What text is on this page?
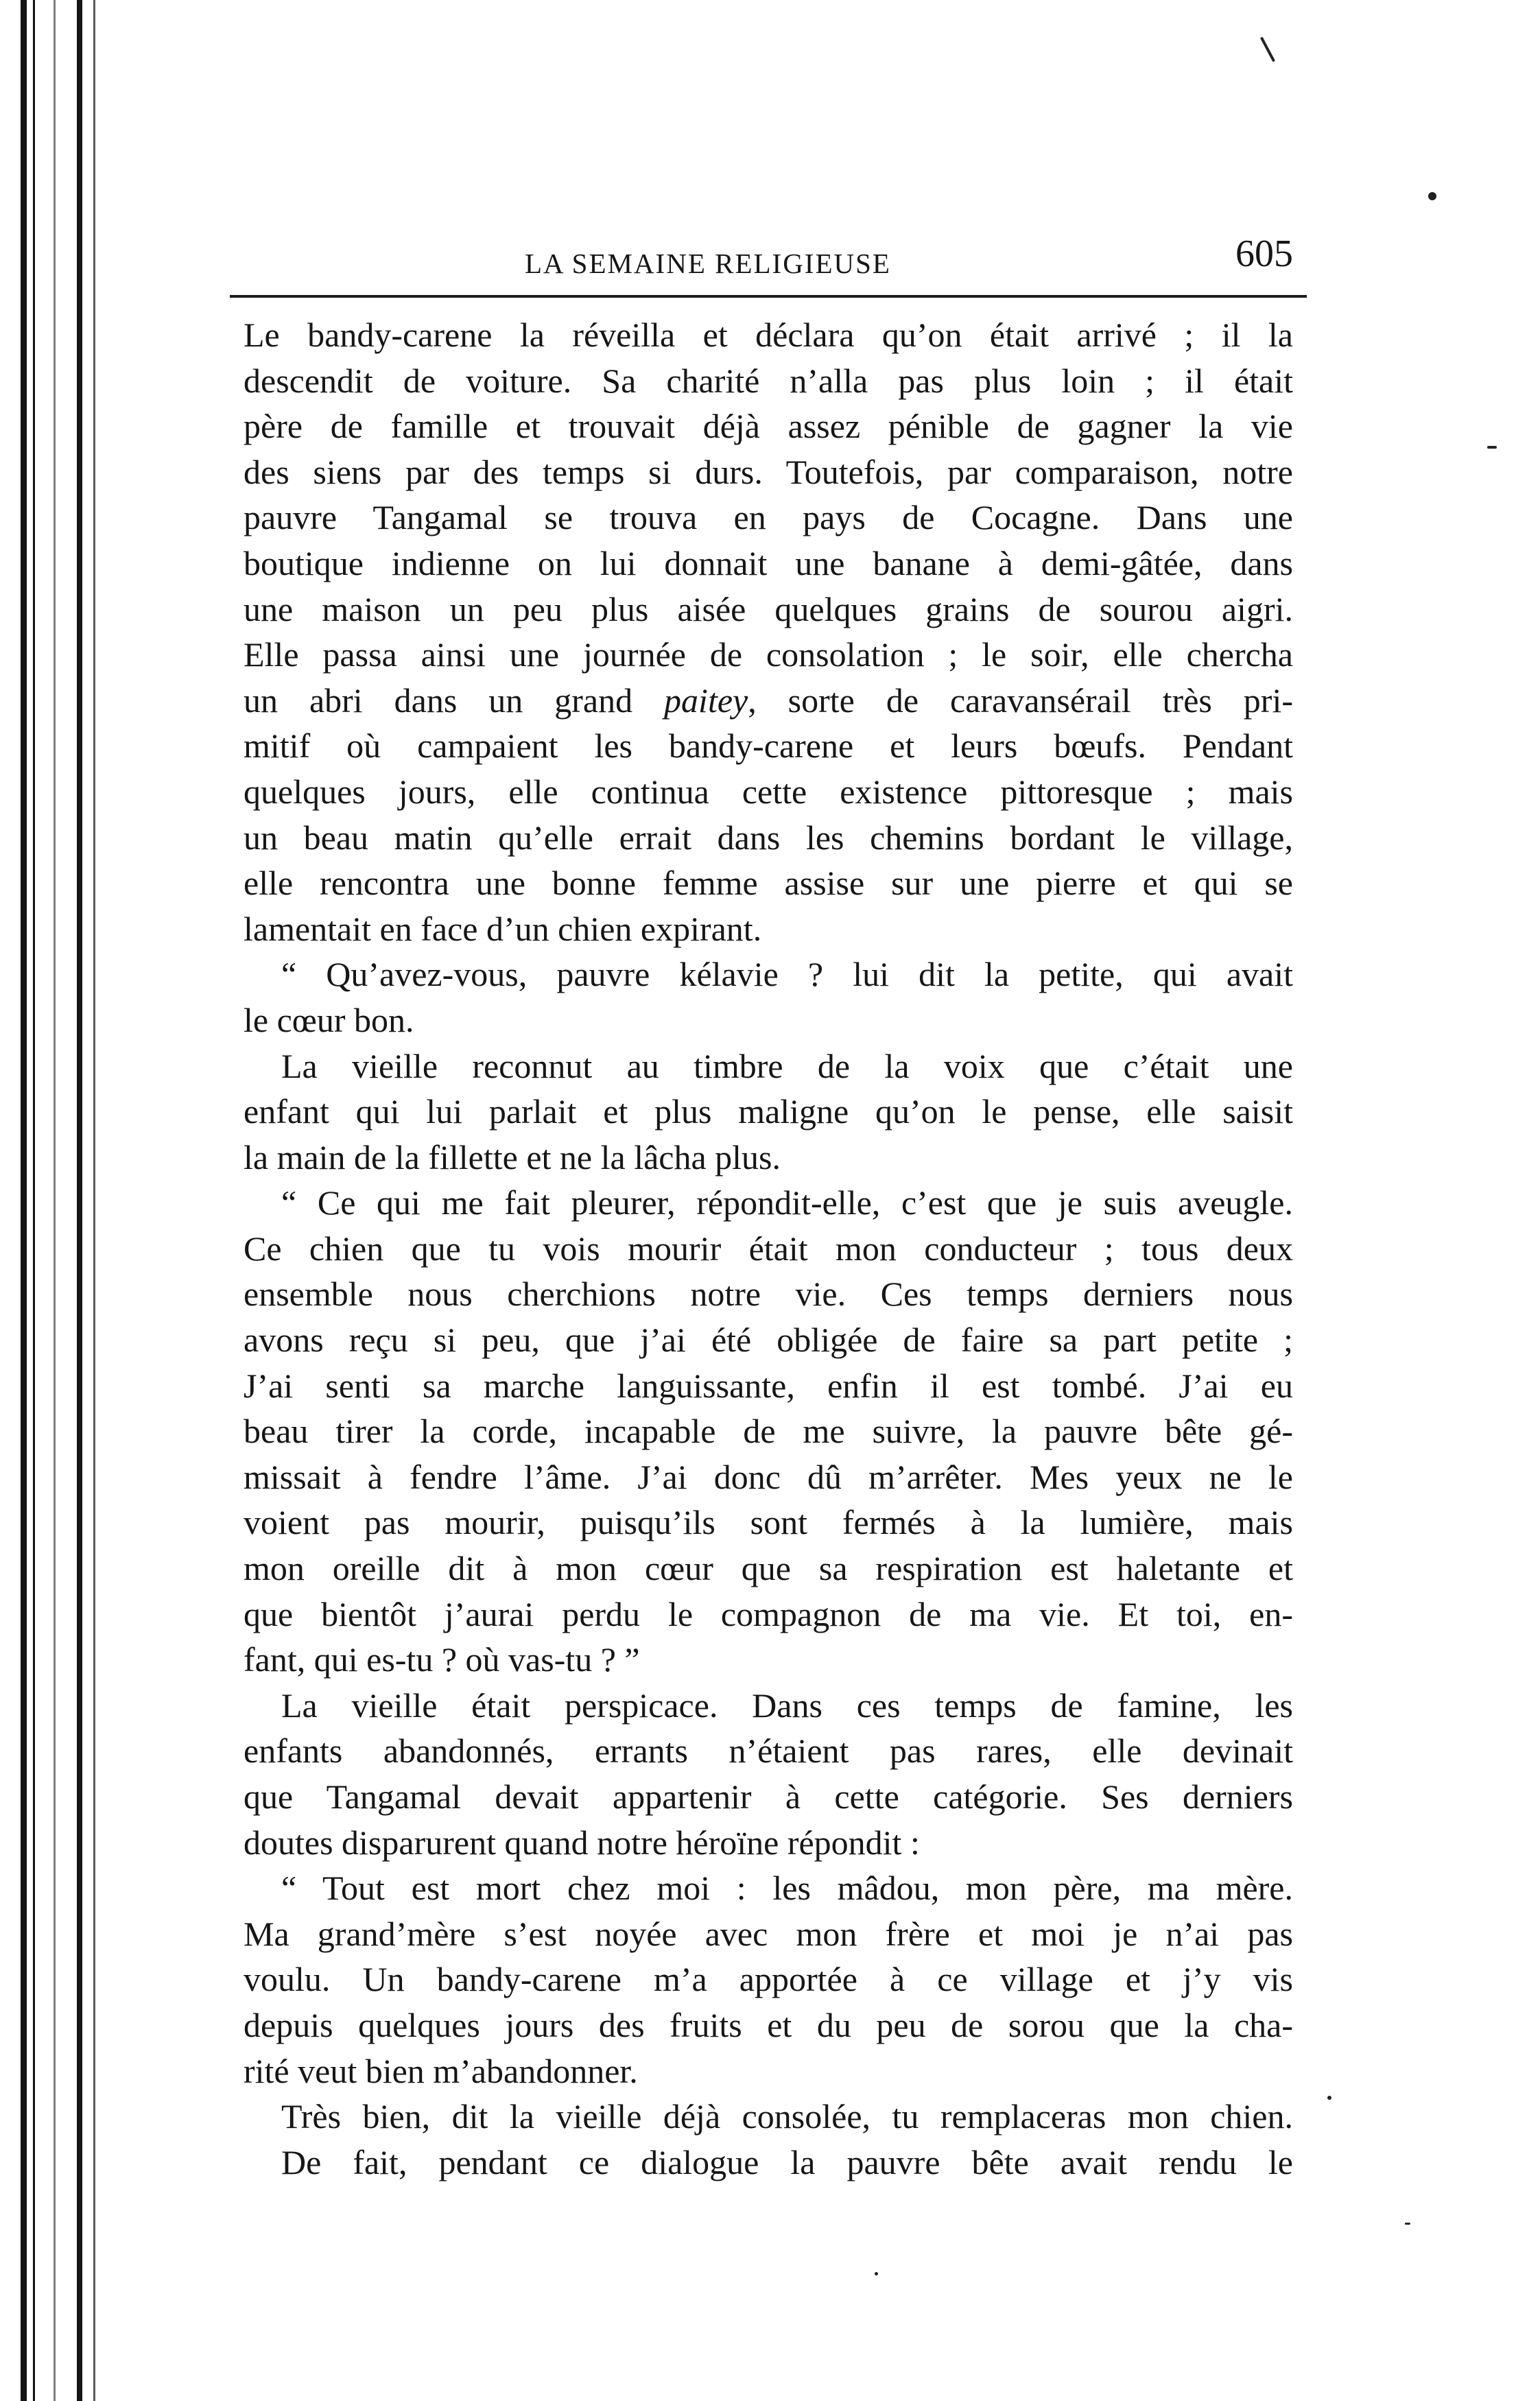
LA SEMAINE RELIGIEUSE	605
Le bandy-carene la réveilla et déclara qu’on était arrivé ; il la
descendit de voiture. Sa charité n’alla pas plus loin ; il était
père de famille et trouvait déjà assez pénible de gagner la vie
des siens par des temps si durs. Toutefois, par comparaison, notre
pauvre Tangamal se trouva en pays de Cocagne. Dans une
boutique indienne on lui donnait une banane à demi-gâtée, dans
une maison un peu plus aisée quelques grains de sourou aigri.
Elle passa ainsi une journée de consolation ; le soir, elle chercha
un abri dans un grand paitey, sorte de caravansérail très pri-
mitif où campaient les bandy-carene et leurs bœufs. Pendant
quelques jours, elle continua cette existence pittoresque ; mais
un beau matin qu’elle errait dans les chemins bordant le village,
elle rencontra une bonne femme assise sur une pierre et qui se
lamentait en face d’un chien expirant.
“ Qu’avez-vous, pauvre kélavie ? lui dit la petite, qui avait
le cœur bon.
La vieille reconnut au timbre de la voix que c’était une
enfant qui lui parlait et plus maligne qu’on le pense, elle saisit
la main de la fillette et ne la lâcha plus.
“ Ce qui me fait pleurer, répondit-elle, c’est que je suis aveugle.
Ce chien que tu vois mourir était mon conducteur ; tous deux
ensemble nous cherchions notre vie. Ces temps derniers nous
avons reçu si peu, que j’ai été obligée de faire sa part petite ;
J’ai senti sa marche languissante, enfin il est tombé. J’ai eu
beau tirer la corde, incapable de me suivre, la pauvre bête gé-
missait à fendre l’âme. J’ai donc dû m’arrêter. Mes yeux ne le
voient pas mourir, puisqu’ils sont fermés à la lumière, mais
mon oreille dit à mon cœur que sa respiration est haletante et
que bientôt j’aurai perdu le compagnon de ma vie. Et toi, en-
fant, qui es-tu ? où vas-tu ? ”
La vieille était perspicace. Dans ces temps de famine, les
enfants abandonnés, errants n’étaient pas rares, elle devinait
que Tangamal devait appartenir à cette catégorie. Ses derniers
doutes disparurent quand notre héroïne répondit :
“ Tout est mort chez moi : les mâdou, mon père, ma mère.
Ma grand’mère s’est noyée avec mon frère et moi je n’ai pas
voulu. Un bandy-carene m’a apportée à ce village et j’y vis
depuis quelques jours des fruits et du peu de sorou que la cha-
rité veut bien m’abandonner.
Très bien, dit la vieille déjà consolée, tu remplaceras mon chien.
De fait, pendant ce dialogue la pauvre bête avait rendu le
